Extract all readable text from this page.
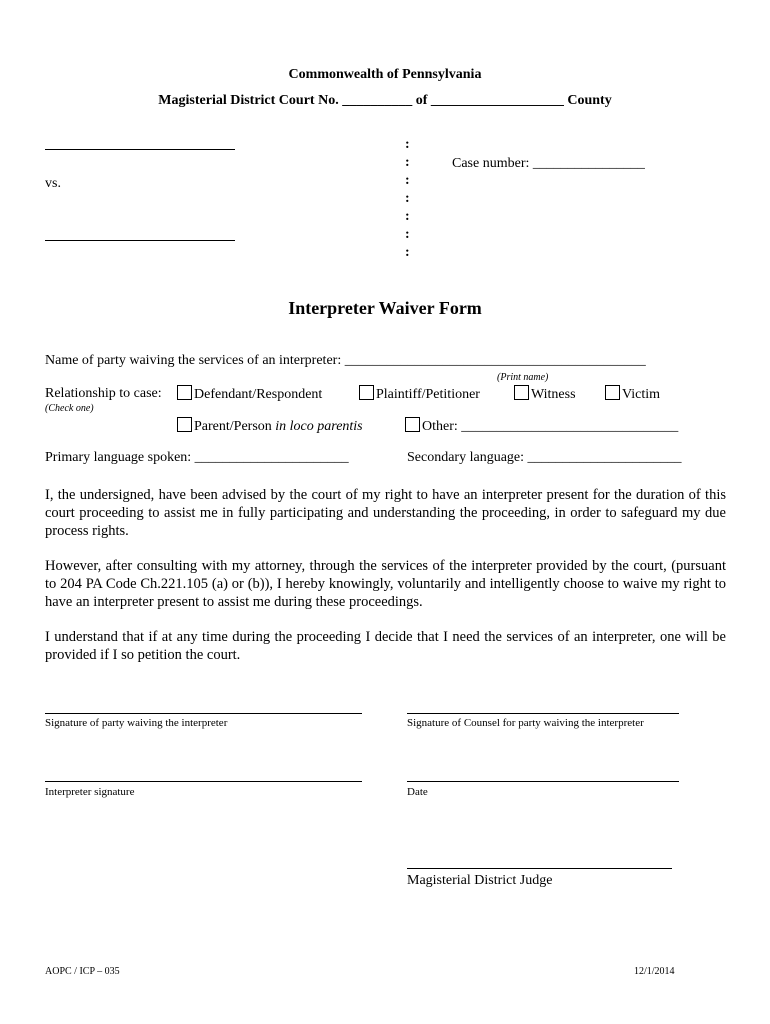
Commonwealth of Pennsylvania
Magisterial District Court No. __________ of ___________________ County
vs.
:
:
:
:
:
:
:
Case number: ________________
Interpreter Waiver Form
Name of party waiving the services of an interpreter: ___________________________________________
(Print name)
Relationship to case:
(Check one)
Defendant/Respondent	Plaintiff/Petitioner	Witness	Victim
Parent/Person in loco parentis	Other: _______________________________
Primary language spoken: ______________________	Secondary language: ______________________
I, the undersigned, have been advised by the court of my right to have an interpreter present for the duration of this court proceeding to assist me in fully participating and understanding the proceeding, in order to safeguard my due process rights.
However, after consulting with my attorney, through the services of the interpreter provided by the court, (pursuant to 204 PA Code Ch.221.105 (a) or (b)), I hereby knowingly, voluntarily and intelligently choose to waive my right to have an interpreter present to assist me during these proceedings.
I understand that if at any time during the proceeding I decide that I need the services of an interpreter, one will be provided if I so petition the court.
Signature of party waiving the interpreter	Signature of Counsel for party waiving the interpreter
Interpreter signature	Date
Magisterial District Judge
AOPC / ICP – 035	12/1/2014
